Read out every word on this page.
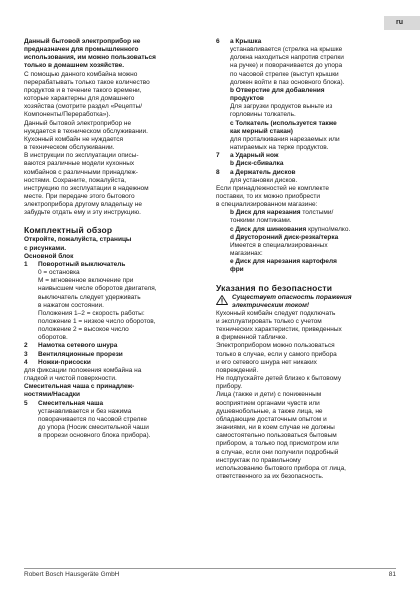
ru
Данный бытовой электроприбор не
предназначен для промышленного
использования, им можно пользоваться
только в домашнем хозяйстве.
С помощью данного комбайна можно
перерабатывать только такое количество
продуктов и в течение такого времени,
которые характерны для домашнего
хозяйства (смотрите раздел «Рецепты/
Компоненты/Переработка»).
Данный бытовой электроприбор не
нуждается в техническом обслуживании.
Кухонный комбайн не нуждается
в техническом обслуживании.
В инструкции по эксплуатации описы-
ваются различные модели кухонных
комбайнов с различными принадлеж-
ностями. Сохраните, пожалуйста,
инструкцию по эксплуатации в надежном
месте. При передаче этого бытового
электроприбора другому владельцу не
забудьте отдать ему и эту инструкцию.
Комплектный обзор
Откройте, пожалуйста, страницы
с рисунками.
Основной блок
1	Поворотный выключатель
0 = остановка
M = мгновенное включение при
наивысшем числе оборотов двигателя,
выключатель следует удерживать
в нажатом состоянии.
Положения 1–2 = скорость работы:
положение 1 = низкое число оборотов,
положение 2 = высокое число
оборотов.
2	Намотка сетевого шнура
3	Вентиляционные прорези
4	Ножки-присоски
для фиксации положения комбайна на
гладкой и чистой поверхности.
Смесительная чаша с принадлеж-
ностями/Насадки
5	Смесительная чаша
устанавливается и без нажима
поворачивается по часовой стрелке
до упора (Носик смесительной чаши
в прорези основного блока прибора).
6	a Крышка
устанавливается (стрелка на крышке
должна находиться напротив стрелки
на ручке) и поворачивается до упора
по часовой стрелке (выступ крышки
должен войти в паз основного блока).
b Отверстие для добавления
продуктов
Для загрузки продуктов выньте из
горловины толкатель.
c Толкатель (используется также
как мерный стакан)
для проталкивания нарезаемых или
натираемых на терке продуктов.
7	a Ударный нож
b Диск-сбивалка
8	a Держатель дисков
для установки дисков.
Если принадлежностей не комплекте
поставки, то их можно приобрести
в специализированном магазине:
b Диск для нарезания толстыми/
тонкими ломтиками.
c Диск для шинкования крупно/мелко.
d Двусторонний диск-резка/терка
Имеется в специализированных
магазинах:
e Диск для нарезания картофеля
фри
Указания по безопасности
Существует опасность поражения
электрическим током!
Кухонный комбайн следует подключать
и эксплуатировать только с учетом
технических характеристик, приведенных
в фирменной табличке.
Электроприбором можно пользоваться
только в случае, если у самого прибора
и его сетевого шнура нет никаких
повреждений.
Не подпускайте детей близко к бытовому
прибору.
Лица (также и дети) с пониженным
восприятием органами чувств или
душевнобольные, а также лица, не
обладающие достаточным опытом и
знаниями, ни в коем случае не должны
самостоятельно пользоваться бытовым
прибором, а только под присмотром или
в случае, если они получили подробный
инструктаж по правильному
использованию бытового прибора от лица,
ответственного за их безопасность.
Robert Bosch Hausgeräte GmbH	81
